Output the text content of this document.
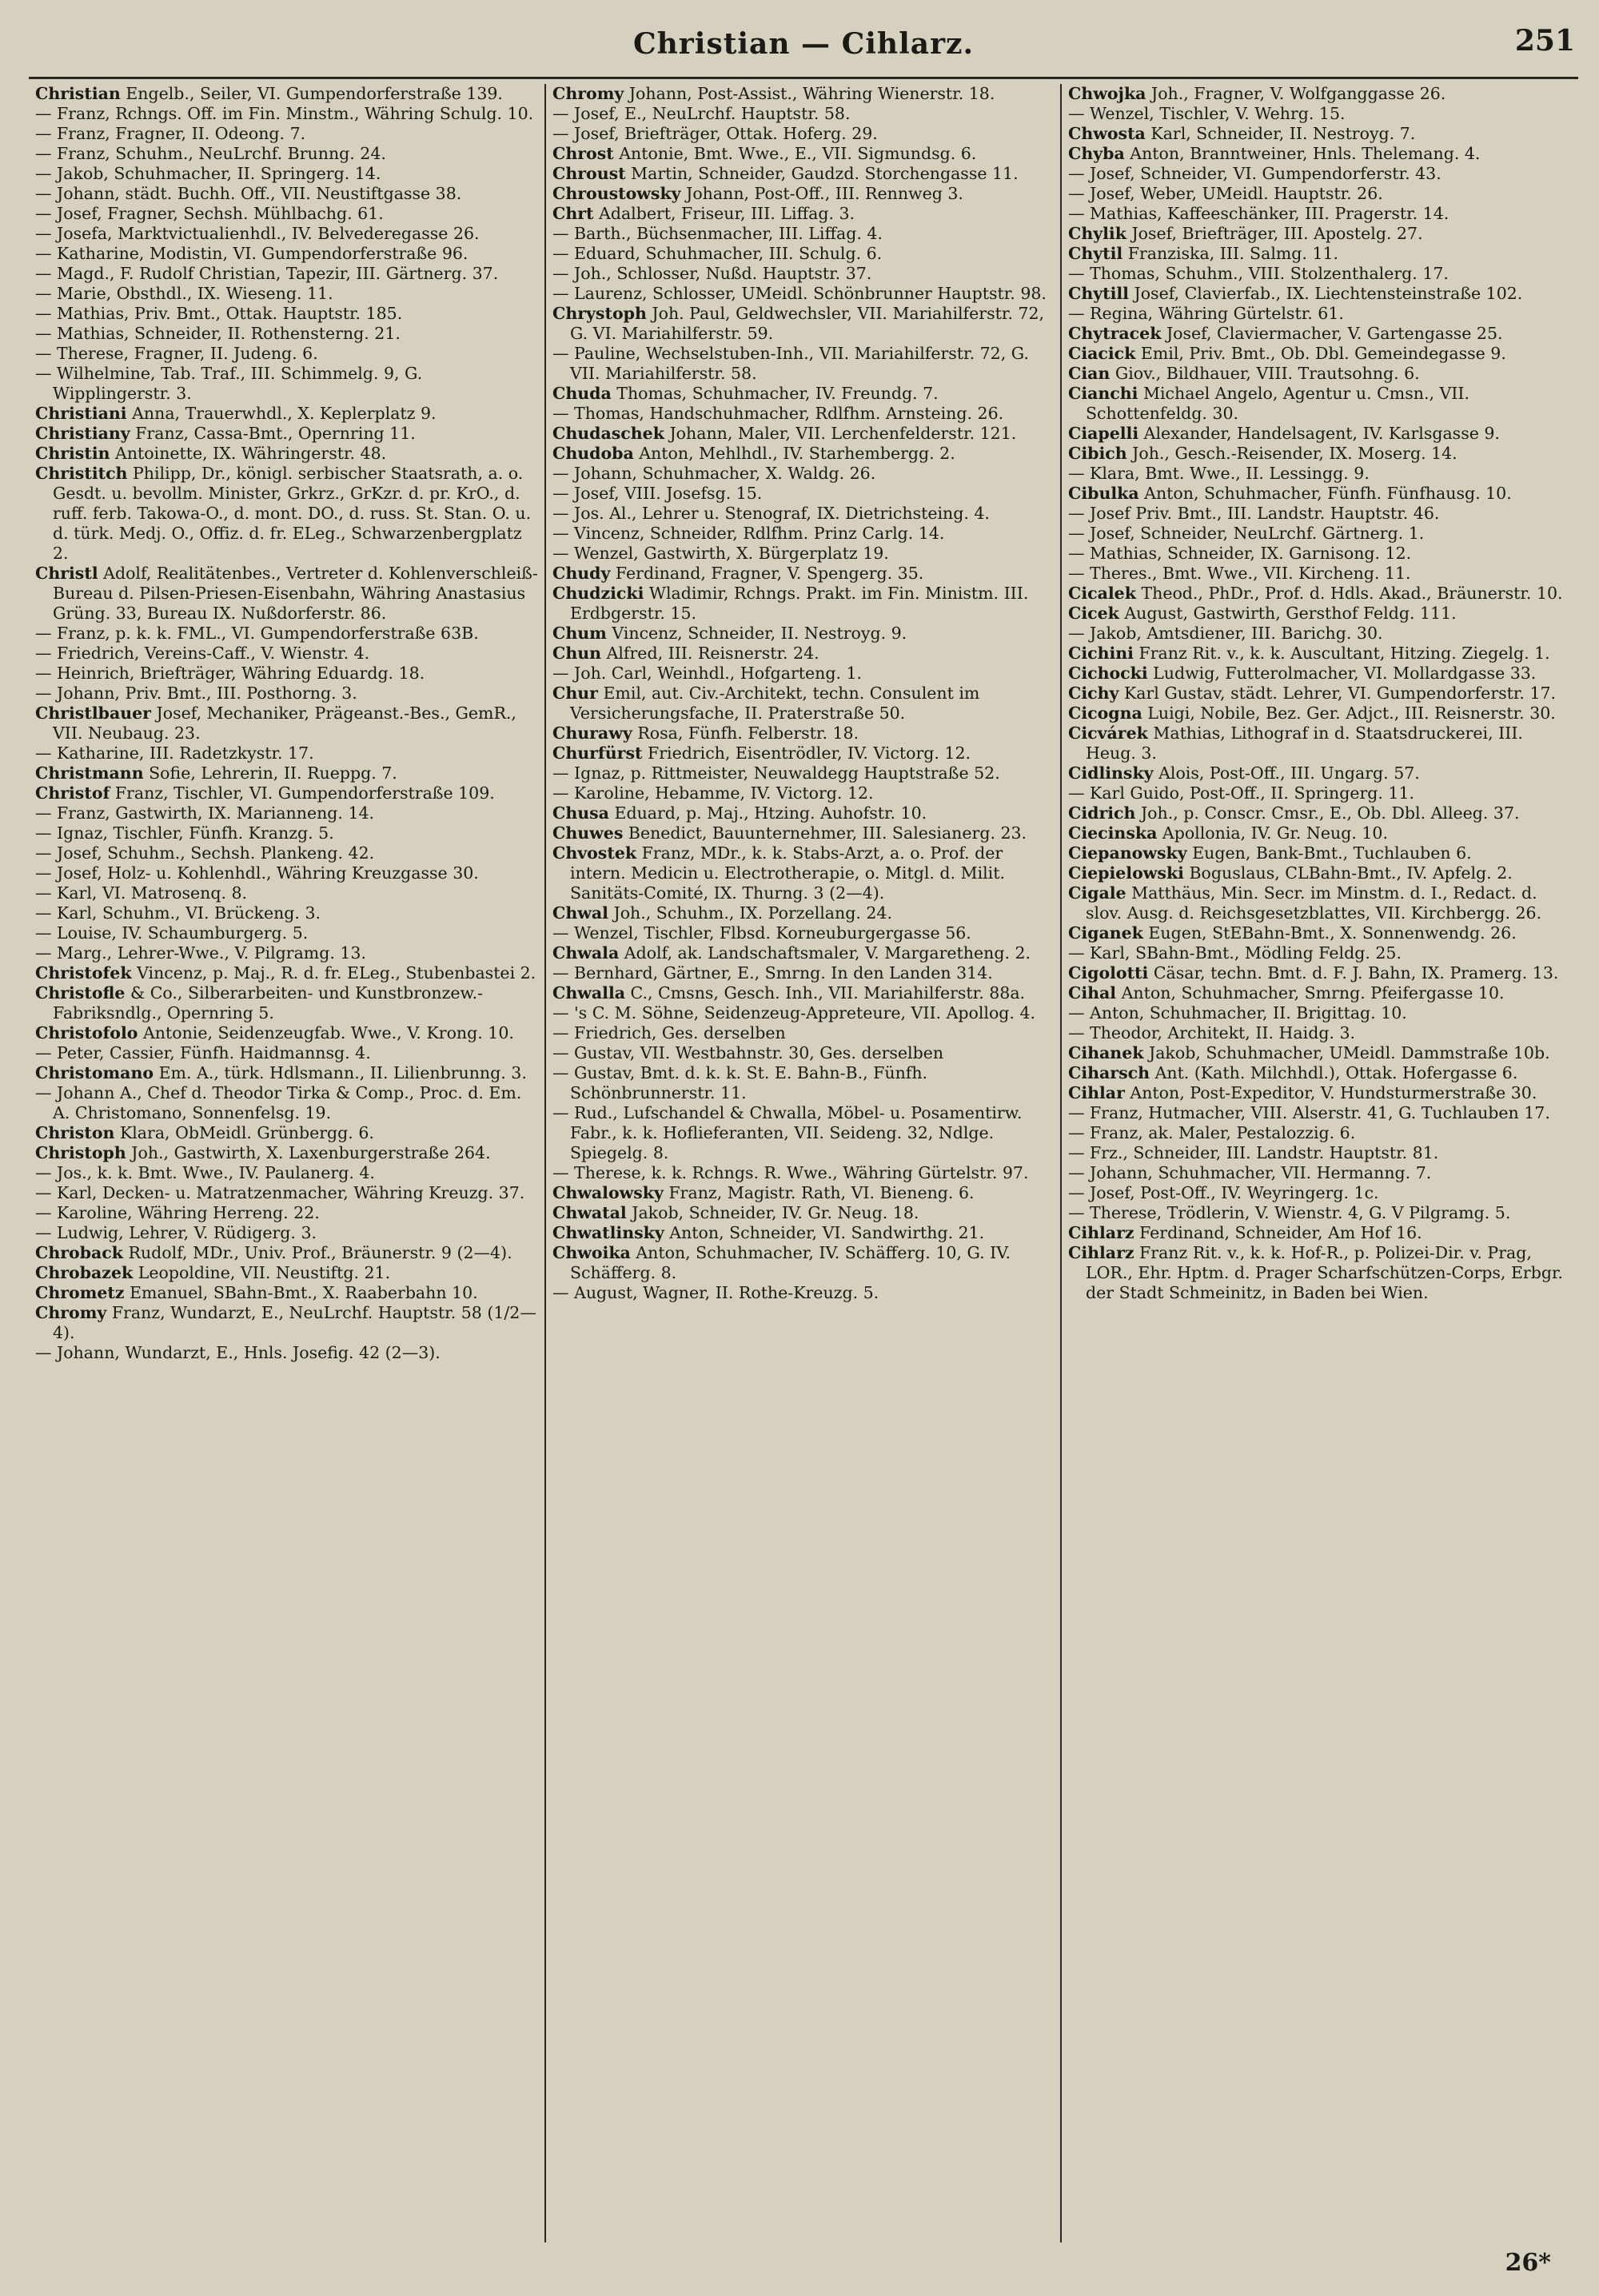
Christian — Cihlarz.	251

Christian Engelb., Seiler, VI. Gumpendorferstraße 139.

— Franz, Rchngs. Off. im Fin. Minstm., Währing Schulg. 10.

— Franz, Fragner, II. Odeong. 7.

— Franz, Schuhm., NeuLrchf. Brunng. 24.

— Jakob, Schuhmacher, II. Springerg. 14.

— Johann, städt. Buchh. Off., VII. Neustiftgasse 38.

— Josef, Fragner, Sechsh. Mühlbachg. 61.

— Josefa, Marktvictualienhdl., IV. Belvederegasse 26.

— Katharine, Modistin, VI. Gumpendorferstraße 96.

— Magd., F. Rudolf Christian, Tapezir, III. Gärtnerg. 37.

— Marie, Obsthdl., IX. Wieseng. 11.

— Mathias, Priv. Bmt., Ottak. Hauptstr. 185.

— Mathias, Schneider, II. Rothensterng. 21.

— Therese, Fragner, II. Judeng. 6.

— Wilhelmine, Tab. Traf., III. Schimmelg. 9, G. Wipplingerstr. 3.

Christiani Anna, Trauerwhdl., X. Keplerplatz 9.

Christiany Franz, Cassa-Bmt., Opernring 11.

Christin Antoinette, IX. Währingerstr. 48.

Christitch Philipp, Dr., königl. serbischer Staatsrath, a. o. Gesdt. u. bevollm. Minister, Grkrz., GrKzr. d. pr. KrO., d. ruff. ferb. Takowa-O., d. mont. DO., d. russ. St. Stan. O. u. d. türk. Medj. O., Offiz. d. fr. ELeg., Schwarzenbergplatz 2.

Christl Adolf, Realitätenbes., Vertreter d. Kohlenverschleiß-Bureau d. Pilsen-Priesen-Eisenbahn, Währing Anastasius Grüng. 33, Bureau IX. Nußdorferstr. 86.

— Franz, p. k. k. FML., VI. Gumpendorferstraße 63B.

— Friedrich, Vereins-Caff., V. Wienstr. 4.

— Heinrich, Briefträger, Währing Eduardg. 18.

— Johann, Priv. Bmt., III. Posthorng. 3.

Christlbauer Josef, Mechaniker, Prägeanst.-Bes., GemR., VII. Neubaug. 23.

— Katharine, III. Radetzkystr. 17.

Christmann Sofie, Lehrerin, II. Rueppg. 7.

Christof Franz, Tischler, VI. Gumpendorferstraße 109.

— Franz, Gastwirth, IX. Marianneng. 14.

— Ignaz, Tischler, Fünfh. Kranzg. 5.

— Josef, Schuhm., Sechsh. Plankeng. 42.

— Josef, Holz- u. Kohlenhdl., Währing Kreuzgasse 30.

— Karl, VI. Matrosenq. 8.

— Karl, Schuhm., VI. Brückeng. 3.

— Louise, IV. Schaumburgerg. 5.

— Marg., Lehrer-Wwe., V. Pilgramg. 13.

Christofek Vincenz, p. Maj., R. d. fr. ELeg., Stubenbastei 2.

Christofle & Co., Silberarbeiten- und Kunstbronzew.-Fabriksndlg., Opernring 5.

Christofolo Antonie, Seidenzeugfab. Wwe., V. Krong. 10.

— Peter, Cassier, Fünfh. Haidmannsg. 4.

Christomano Em. A., türk. Hdlsmann., II. Lilienbrunng. 3.

— Johann A., Chef d. Theodor Tirka & Comp., Proc. d. Em. A. Christomano, Sonnenfelsg. 19.

Christon Klara, ObMeidl. Grünbergg. 6.

Christoph Joh., Gastwirth, X. Laxenburgerstraße 264.

— Jos., k. k. Bmt. Wwe., IV. Paulanerg. 4.

— Karl, Decken- u. Matratzenmacher, Währing Kreuzg. 37.

— Karoline, Währing Herreng. 22.

— Ludwig, Lehrer, V. Rüdigerg. 3.

Chroback Rudolf, MDr., Univ. Prof., Bräunerstr. 9 (2—4).

Chrobazek Leopoldine, VII. Neustiftg. 21.

Chrometz Emanuel, SBahn-Bmt., X. Raaberbahn 10.

Chromy Franz, Wundarzt, E., NeuLrchf. Hauptstr. 58 (1/2—4).

— Johann, Wundarzt, E., Hnls. Josefig. 42 (2—3).

Chromy Johann, Post-Assist., Währing Wienerstr. 18.

— Josef, E., NeuLrchf. Hauptstr. 58.

— Josef, Briefträger, Ottak. Hoferg. 29.

Chrost Antonie, Bmt. Wwe., E., VII. Sigmundsg. 6.

Chroust Martin, Schneider, Gaudzd. Storchengasse 11.

Chroustowsky Johann, Post-Off., III. Rennweg 3.

Chrt Adalbert, Friseur, III. Liffag. 3.

— Barth., Büchsenmacher, III. Liffag. 4.

— Eduard, Schuhmacher, III. Schulg. 6.

— Joh., Schlosser, Nußd. Hauptstr. 37.

— Laurenz, Schlosser, UMeidl. Schönbrunner Hauptstr. 98.

Chrystoph Joh. Paul, Geldwechsler, VII. Mariahilferstr. 72, G. VI. Mariahilferstr. 59.

— Pauline, Wechselstuben-Inh., VII. Mariahilferstr. 72, G. VII. Mariahilferstr. 58.

Chuda Thomas, Schuhmacher, IV. Freundg. 7.

— Thomas, Handschuhmacher, Rdlfhm. Arnsteing. 26.

Chudaschek Johann, Maler, VII. Lerchenfelderstr. 121.

Chudoba Anton, Mehlhdl., IV. Starhembergg. 2.

— Johann, Schuhmacher, X. Waldg. 26.

— Josef, VIII. Josefsg. 15.

— Jos. Al., Lehrer u. Stenograf, IX. Dietrichsteing. 4.

— Vincenz, Schneider, Rdlfhm. Prinz Carlg. 14.

— Wenzel, Gastwirth, X. Bürgerplatz 19.

Chudy Ferdinand, Fragner, V. Spengerg. 35.

Chudzicki Wladimir, Rchngs. Prakt. im Fin. Ministm. III. Erdbgerstr. 15.

Chum Vincenz, Schneider, II. Nestroyg. 9.

Chun Alfred, III. Reisnerstr. 24.

— Joh. Carl, Weinhdl., Hofgarteng. 1.

Chur Emil, aut. Civ.-Architekt, techn. Consulent im Versicherungsfache, II. Praterstraße 50.

Churawy Rosa, Fünfh. Felberstr. 18.

Churfürst Friedrich, Eisentrödler, IV. Victorg. 12.

— Ignaz, p. Rittmeister, Neuwaldegg Hauptstraße 52.

— Karoline, Hebamme, IV. Victorg. 12.

Chusa Eduard, p. Maj., Htzing. Auhofstr. 10.

Chuwes Benedict, Bauunternehmer, III. Salesianerg. 23.

Chvostek Franz, MDr., k. k. Stabs-Arzt, a. o. Prof. der intern. Medicin u. Electrotherapie, o. Mitgl. d. Milit. Sanitäts-Comité, IX. Thurng. 3 (2—4).

Chwal Joh., Schuhm., IX. Porzellang. 24.

— Wenzel, Tischler, Flbsd. Korneuburgergasse 56.

Chwala Adolf, ak. Landschaftsmaler, V. Margaretheng. 2.

— Bernhard, Gärtner, E., Smrng. In den Landen 314.

Chwalla C., Cmsns, Gesch. Inh., VII. Mariahilferstr. 88a.

— 's C. M. Söhne, Seidenzeug-Appreteure, VII. Apollog. 4.

— Friedrich, Ges. derselben

— Gustav, VII. Westbahnstr. 30, Ges. derselben

— Gustav, Bmt. d. k. k. St. E. Bahn-B., Fünfh. Schönbrunnerstr. 11.

— Rud., Lufschandel & Chwalla, Möbel- u. Posamentirw. Fabr., k. k. Hoflieferanten, VII. Seideng. 32, Ndlge. Spiegelg. 8.

— Therese, k. k. Rchngs. R. Wwe., Währing Gürtelstr. 97.

Chwalowsky Franz, Magistr. Rath, VI. Bieneng. 6.

Chwatal Jakob, Schneider, IV. Gr. Neug. 18.

Chwatlinsky Anton, Schneider, VI. Sandwirthg. 21.

Chwoika Anton, Schuhmacher, IV. Schäfferg. 10, G. IV. Schäfferg. 8.

— August, Wagner, II. Rothe-Kreuzg. 5.

Chwojka Joh., Fragner, V. Wolfganggasse 26.

— Wenzel, Tischler, V. Wehrg. 15.

Chwosta Karl, Schneider, II. Nestroyg. 7.

Chyba Anton, Branntweiner, Hnls. Thelemang. 4.

— Josef, Schneider, VI. Gumpendorferstr. 43.

— Josef, Weber, UMeidl. Hauptstr. 26.

— Mathias, Kaffeeschänker, III. Pragerstr. 14.

Chylik Josef, Briefträger, III. Apostelg. 27.

Chytil Franziska, III. Salmg. 11.

— Thomas, Schuhm., VIII. Stolzenthalerg. 17.

Chytill Josef, Clavierfab., IX. Liechtensteinstraße 102.

— Regina, Währing Gürtelstr. 61.

Chytracek Josef, Claviermacher, V. Gartengasse 25.

Ciacick Emil, Priv. Bmt., Ob. Dbl. Gemeindegasse 9.

Cian Giov., Bildhauer, VIII. Trautsohng. 6.

Cianchi Michael Angelo, Agentur u. Cmsn., VII. Schottenfeldg. 30.

Ciapelli Alexander, Handelsagent, IV. Karlsgasse 9.

Cibich Joh., Gesch.-Reisender, IX. Moserg. 14.

— Klara, Bmt. Wwe., II. Lessingg. 9.

Cibulka Anton, Schuhmacher, Fünfh. Fünfhausg. 10.

— Josef Priv. Bmt., III. Landstr. Hauptstr. 46.

— Josef, Schneider, NeuLrchf. Gärtnerg. 1.

— Mathias, Schneider, IX. Garnisong. 12.

— Theres., Bmt. Wwe., VII. Kircheng. 11.

Cicalek Theod., PhDr., Prof. d. Hdls. Akad., Bräunerstr. 10.

Cicek August, Gastwirth, Gersthof Feldg. 111.

— Jakob, Amtsdiener, III. Barichg. 30.

Cichini Franz Rit. v., k. k. Auscultant, Hitzing. Ziegelg. 1.

Cichocki Ludwig, Futterolmacher, VI. Mollardgasse 33.

Cichy Karl Gustav, städt. Lehrer, VI. Gumpendorferstr. 17.

Cicogna Luigi, Nobile, Bez. Ger. Adjct., III. Reisnerstr. 30.

Cicvárek Mathias, Lithograf in d. Staatsdruckerei, III. Heug. 3.

Cidlinsky Alois, Post-Off., III. Ungarg. 57.

— Karl Guido, Post-Off., II. Springerg. 11.

Cidrich Joh., p. Conscr. Cmsr., E., Ob. Dbl. Alleeg. 37.

Ciecinska Apollonia, IV. Gr. Neug. 10.

Ciepanowsky Eugen, Bank-Bmt., Tuchlauben 6.

Ciepielowski Boguslaus, CLBahn-Bmt., IV. Apfelg. 2.

Cigale Matthäus, Min. Secr. im Minstm. d. I., Redact. d. slov. Ausg. d. Reichsgesetzblattes, VII. Kirchbergg. 26.

Ciganek Eugen, StEBahn-Bmt., X. Sonnenwendg. 26.

— Karl, SBahn-Bmt., Mödling Feldg. 25.

Cigolotti Cäsar, techn. Bmt. d. F. J. Bahn, IX. Pramerg. 13.

Cihal Anton, Schuhmacher, Smrng. Pfeifergasse 10.

— Anton, Schuhmacher, II. Brigittag. 10.

— Theodor, Architekt, II. Haidg. 3.

Cihanek Jakob, Schuhmacher, UMeidl. Dammstraße 10b.

Ciharsch Ant. (Kath. Milchhdl.), Ottak. Hofergasse 6.

Cihlar Anton, Post-Expeditor, V. Hundsturmerstraße 30.

— Franz, Hutmacher, VIII. Alserstr. 41, G. Tuchlauben 17.

— Franz, ak. Maler, Pestalozzig. 6.

— Frz., Schneider, III. Landstr. Hauptstr. 81.

— Johann, Schuhmacher, VII. Hermanng. 7.

— Josef, Post-Off., IV. Weyringerg. 1c.

— Therese, Trödlerin, V. Wienstr. 4, G. V Pilgramg. 5.

Cihlarz Ferdinand, Schneider, Am Hof 16.

Cihlarz Franz Rit. v., k. k. Hof-R., p. Polizei-Dir. v. Prag, LOR., Ehr. Hptm. d. Prager Scharfschützen-Corps, Erbgr. der Stadt Schmeinitz, in Baden bei Wien.

26*
